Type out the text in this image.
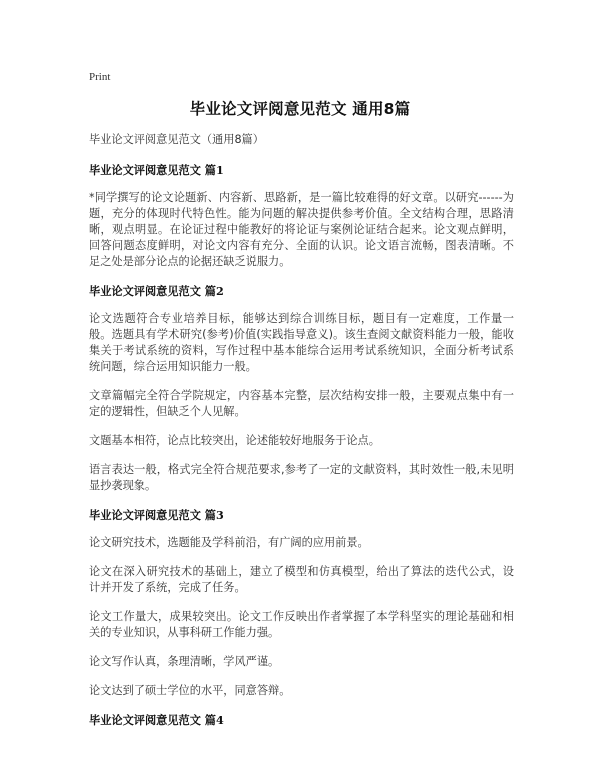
Print
毕业论文评阅意见范文 通用8篇

毕业论文评阅意见范文（通用8篇）

毕业论文评阅意见范文 篇1

*同学撰写的论文论题新、内容新、思路新，是一篇比较难得的好文章。以研究------为题，充分的体现时代特色性。能为问题的解决提供参考价值。全文结构合理，思路清晰，观点明显。在论证过程中能教好的将论证与案例论证结合起来。论文观点鲜明，回答问题态度鲜明，对论文内容有充分、全面的认识。论文语言流畅，图表清晰。不足之处是部分论点的论据还缺乏说服力。

毕业论文评阅意见范文 篇2

论文选题符合专业培养目标，能够达到综合训练目标，题目有一定难度，工作量一般。选题具有学术研究(参考)价值(实践指导意义)。该生查阅文献资料能力一般，能收集关于考试系统的资料，写作过程中基本能综合运用考试系统知识，全面分析考试系统问题，综合运用知识能力一般。

文章篇幅完全符合学院规定，内容基本完整，层次结构安排一般，主要观点集中有一定的逻辑性，但缺乏个人见解。

文题基本相符，论点比较突出，论述能较好地服务于论点。

语言表达一般，格式完全符合规范要求,参考了一定的文献资料，其时效性一般,未见明显抄袭现象。

毕业论文评阅意见范文 篇3

论文研究技术，选题能及学科前沿，有广阔的应用前景。

论文在深入研究技术的基础上，建立了模型和仿真模型，给出了算法的迭代公式，设计并开发了系统，完成了任务。

论文工作量大，成果较突出。论文工作反映出作者掌握了本学科坚实的理论基础和相关的专业知识，从事科研工作能力强。

论文写作认真，条理清晰，学风严谨。

论文达到了硕士学位的水平，同意答辩。

毕业论文评阅意见范文 篇4
